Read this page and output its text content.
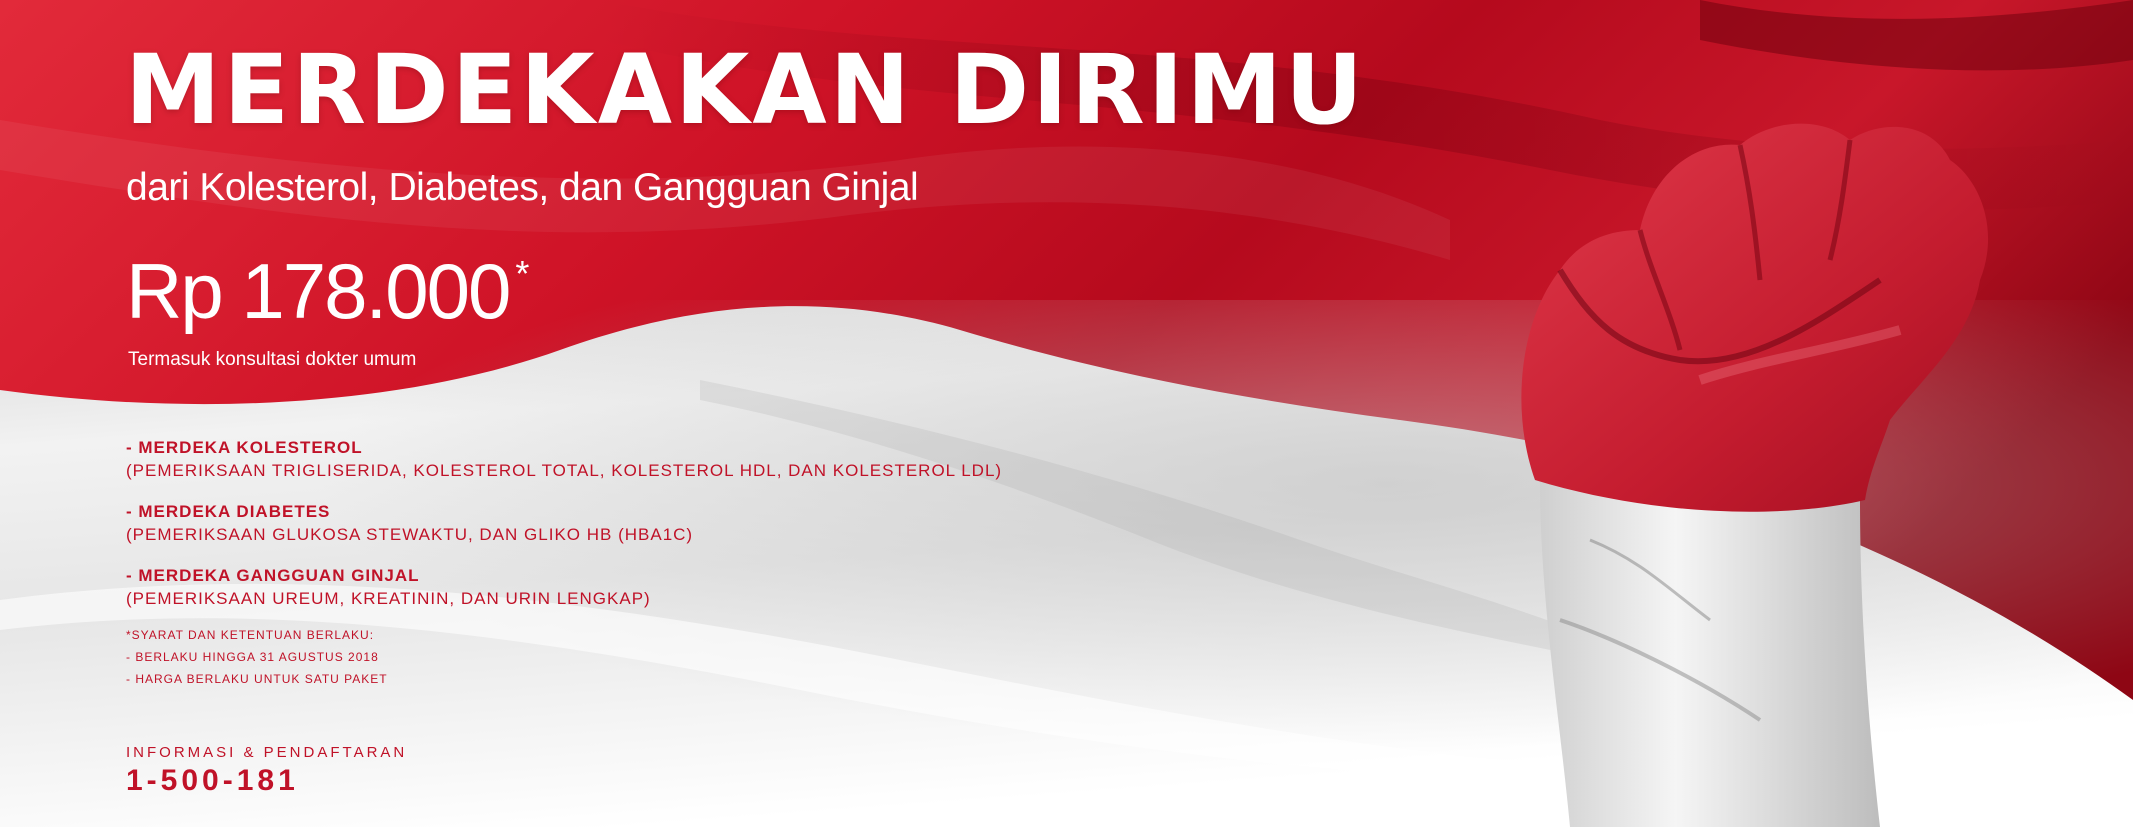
MERDEKAKAN DIRIMU

dari Kolesterol, Diabetes, dan Gangguan Ginjal

Rp 178.000 *

Termasuk konsultasi dokter umum

- MERDEKA KOLESTEROL
(PEMERIKSAAN TRIGLISERIDA, KOLESTEROL TOTAL, KOLESTEROL HDL, DAN KOLESTEROL LDL)
- MERDEKA DIABETES
(PEMERIKSAAN GLUKOSA STEWAKTU, DAN GLIKO HB (HBA1C)
- MERDEKA GANGGUAN GINJAL
(PEMERIKSAAN UREUM, KREATININ, DAN URIN LENGKAP)
*SYARAT DAN KETENTUAN BERLAKU:
- BERLAKU HINGGA 31 AGUSTUS 2018
- HARGA BERLAKU UNTUK SATU PAKET

INFORMASI & PENDAFTARAN

1-500-181
